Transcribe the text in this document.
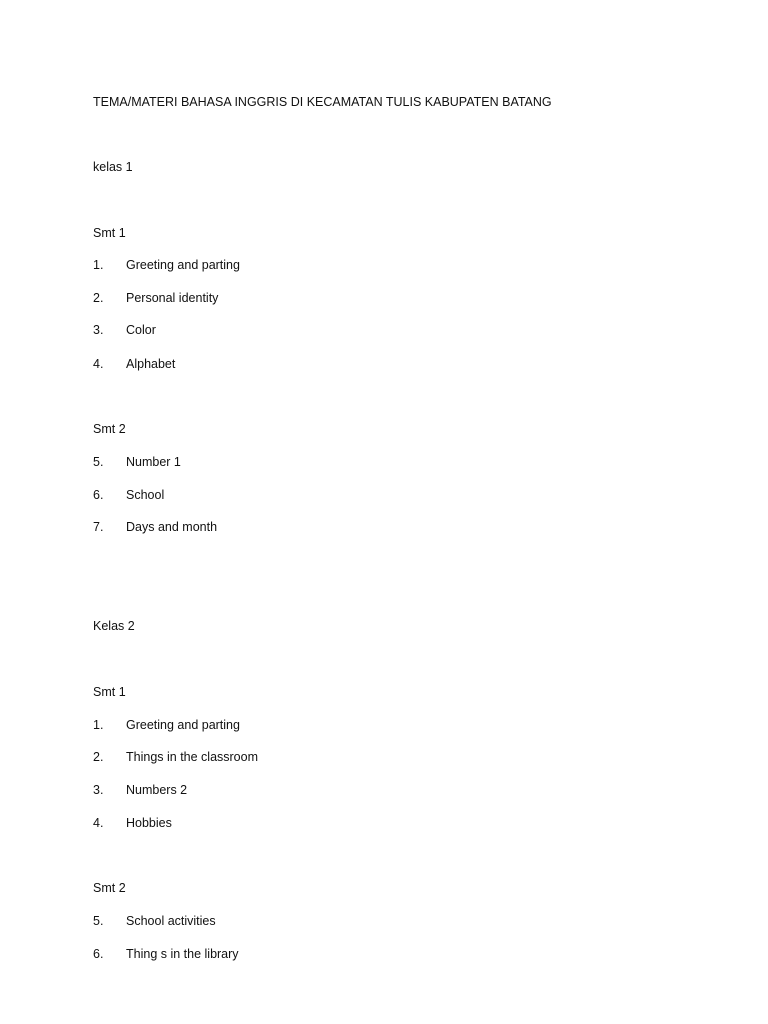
TEMA/MATERI BAHASA INGGRIS DI KECAMATAN TULIS KABUPATEN BATANG
kelas 1
Smt 1
1. Greeting and parting
2. Personal identity
3. Color
4. Alphabet
Smt 2
5. Number 1
6. School
7. Days and month
Kelas 2
Smt 1
1. Greeting and parting
2. Things in the classroom
3. Numbers 2
4. Hobbies
Smt 2
5. School activities
6. Thing s in the library
